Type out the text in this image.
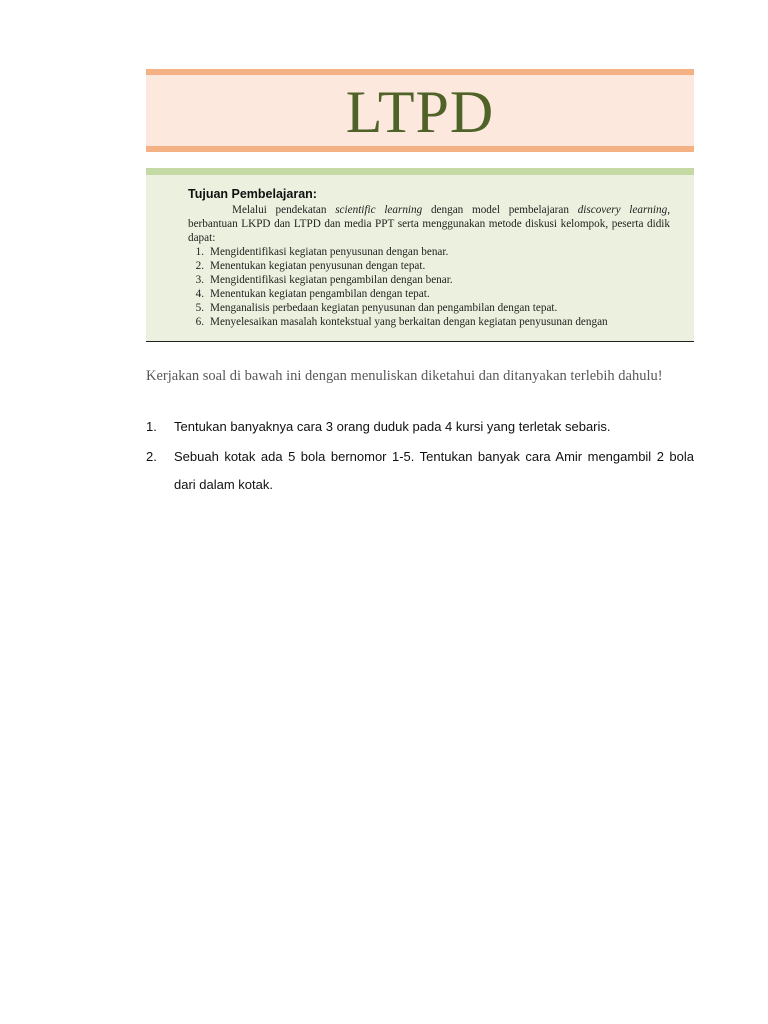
LTPD
Tujuan Pembelajaran:
Melalui pendekatan scientific learning dengan model pembelajaran discovery learning, berbantuan LKPD dan LTPD dan media PPT serta menggunakan metode diskusi kelompok, peserta didik dapat:
1. Mengidentifikasi kegiatan penyusunan dengan benar.
2. Menentukan kegiatan penyusunan dengan tepat.
3. Mengidentifikasi kegiatan pengambilan dengan benar.
4. Menentukan kegiatan pengambilan dengan tepat.
5. Menganalisis perbedaan kegiatan penyusunan dan pengambilan dengan tepat.
6. Menyelesaikan masalah kontekstual yang berkaitan dengan kegiatan penyusunan dengan
Kerjakan soal di bawah ini dengan menuliskan diketahui dan ditanyakan terlebih dahulu!
1.	Tentukan banyaknya cara 3 orang duduk pada 4 kursi yang terletak sebaris.
2.	Sebuah kotak ada 5 bola bernomor 1-5. Tentukan banyak cara Amir mengambil 2 bola dari dalam kotak.
